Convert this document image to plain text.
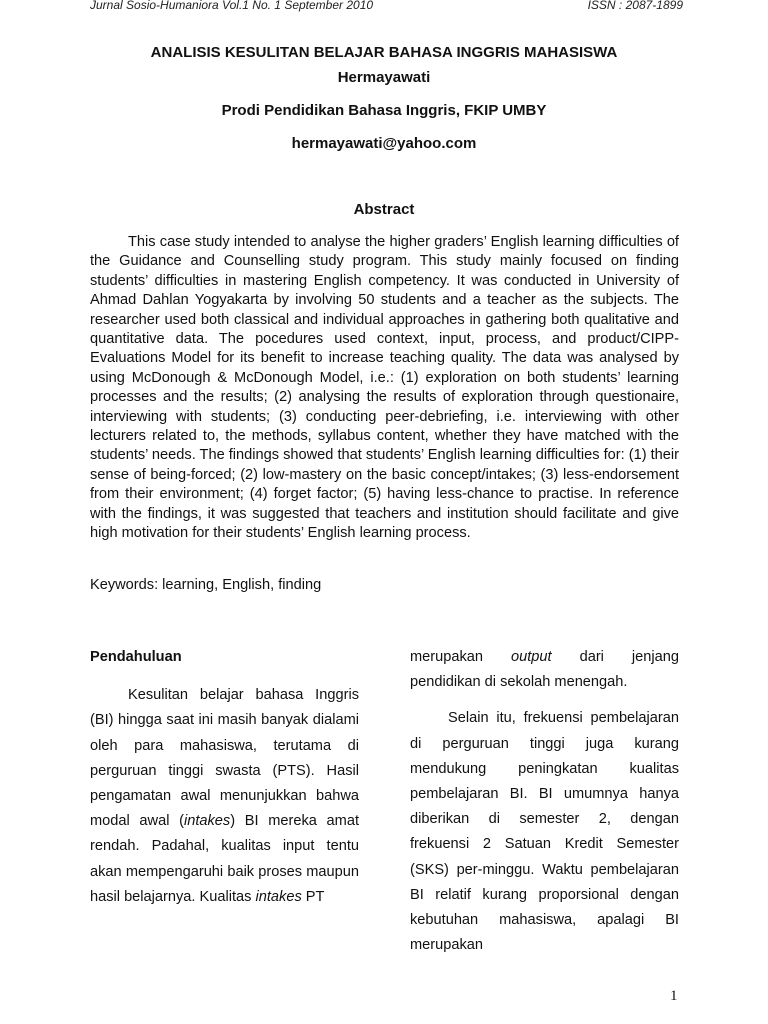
Jurnal Sosio-Humaniora Vol.1 No. 1 September 2010	ISSN : 2087-1899
ANALISIS KESULITAN BELAJAR BAHASA INGGRIS MAHASISWA
Hermayawati
Prodi Pendidikan Bahasa Inggris, FKIP UMBY
hermayawati@yahoo.com
Abstract

This case study intended to analyse the higher graders’ English learning difficulties of the Guidance and Counselling study program. This study mainly focused on finding students’ difficulties in mastering English competency. It was conducted in University of Ahmad Dahlan Yogyakarta by involving 50 students and a teacher as the subjects. The researcher used both classical and individual approaches in gathering both qualitative and quantitative data. The pocedures used context, input, process, and product/CIPP-Evaluations Model for its benefit to increase teaching quality. The data was analysed by using McDonough & McDonough Model, i.e.: (1) exploration on both students’ learning processes and the results; (2) analysing the results of exploration through questionaire, interviewing with students; (3) conducting peer-debriefing, i.e. interviewing with other lecturers related to, the methods, syllabus content, whether they have matched with the students’ needs. The findings showed that students’ English learning difficulties for: (1) their sense of being-forced; (2) low-mastery on the basic concept/intakes; (3) less-endorsement from their environment; (4) forget factor; (5) having less-chance to practise. In reference with the findings, it was suggested that teachers and institution should facilitate and give high motivation for their students’ English learning process.

Keywords: learning, English, finding

Pendahuluan

Kesulitan belajar bahasa Inggris (BI) hingga saat ini masih banyak dialami oleh para mahasiswa, terutama di perguruan tinggi swasta (PTS). Hasil pengamatan awal menunjukkan bahwa modal awal (intakes) BI mereka amat rendah. Padahal, kualitas input tentu akan mempengaruhi baik proses maupun hasil belajarnya. Kualitas intakes PT

merupakan output dari jenjang pendidikan di sekolah menengah.

Selain itu, frekuensi pembelajaran di perguruan tinggi juga kurang mendukung peningkatan kualitas pembelajaran BI. BI umumnya hanya diberikan di semester 2, dengan frekuensi 2 Satuan Kredit Semester (SKS) per-minggu. Waktu pembelajaran BI relatif kurang proporsional dengan kebutuhan mahasiswa, apalagi BI merupakan

1
